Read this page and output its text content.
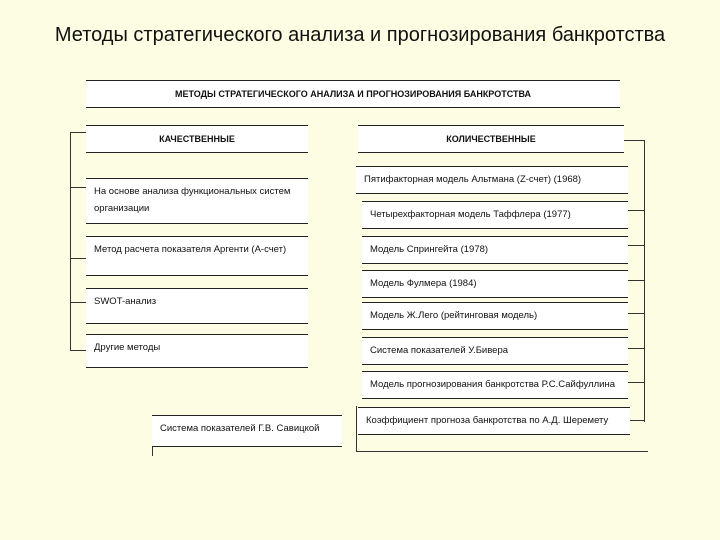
Методы стратегического анализа и прогнозирования банкротства
МЕТОДЫ СТРАТЕГИЧЕСКОГО АНАЛИЗА И ПРОГНОЗИРОВАНИЯ БАНКРОТСТВА
КАЧЕСТВЕННЫЕ	КОЛИЧЕСТВЕННЫЕ
На основе анализа функциональных систем организации
Метод расчета показателя Аргенти (А-счет)
SWOT-анализ
Другие методы
Пятифакторная модель Альтмана (Z-счет) (1968)
Четырехфакторная модель Таффлера (1977)
Модель Спрингейта (1978)
Модель Фулмера (1984)
Модель Ж.Лего (рейтинговая модель)
Система показателей У.Бивера
Модель прогнозирования банкротства Р.С.Сайфуллина
Коэффициент прогноза банкротства по А.Д. Шеремету
Система показателей Г.В. Савицкой
